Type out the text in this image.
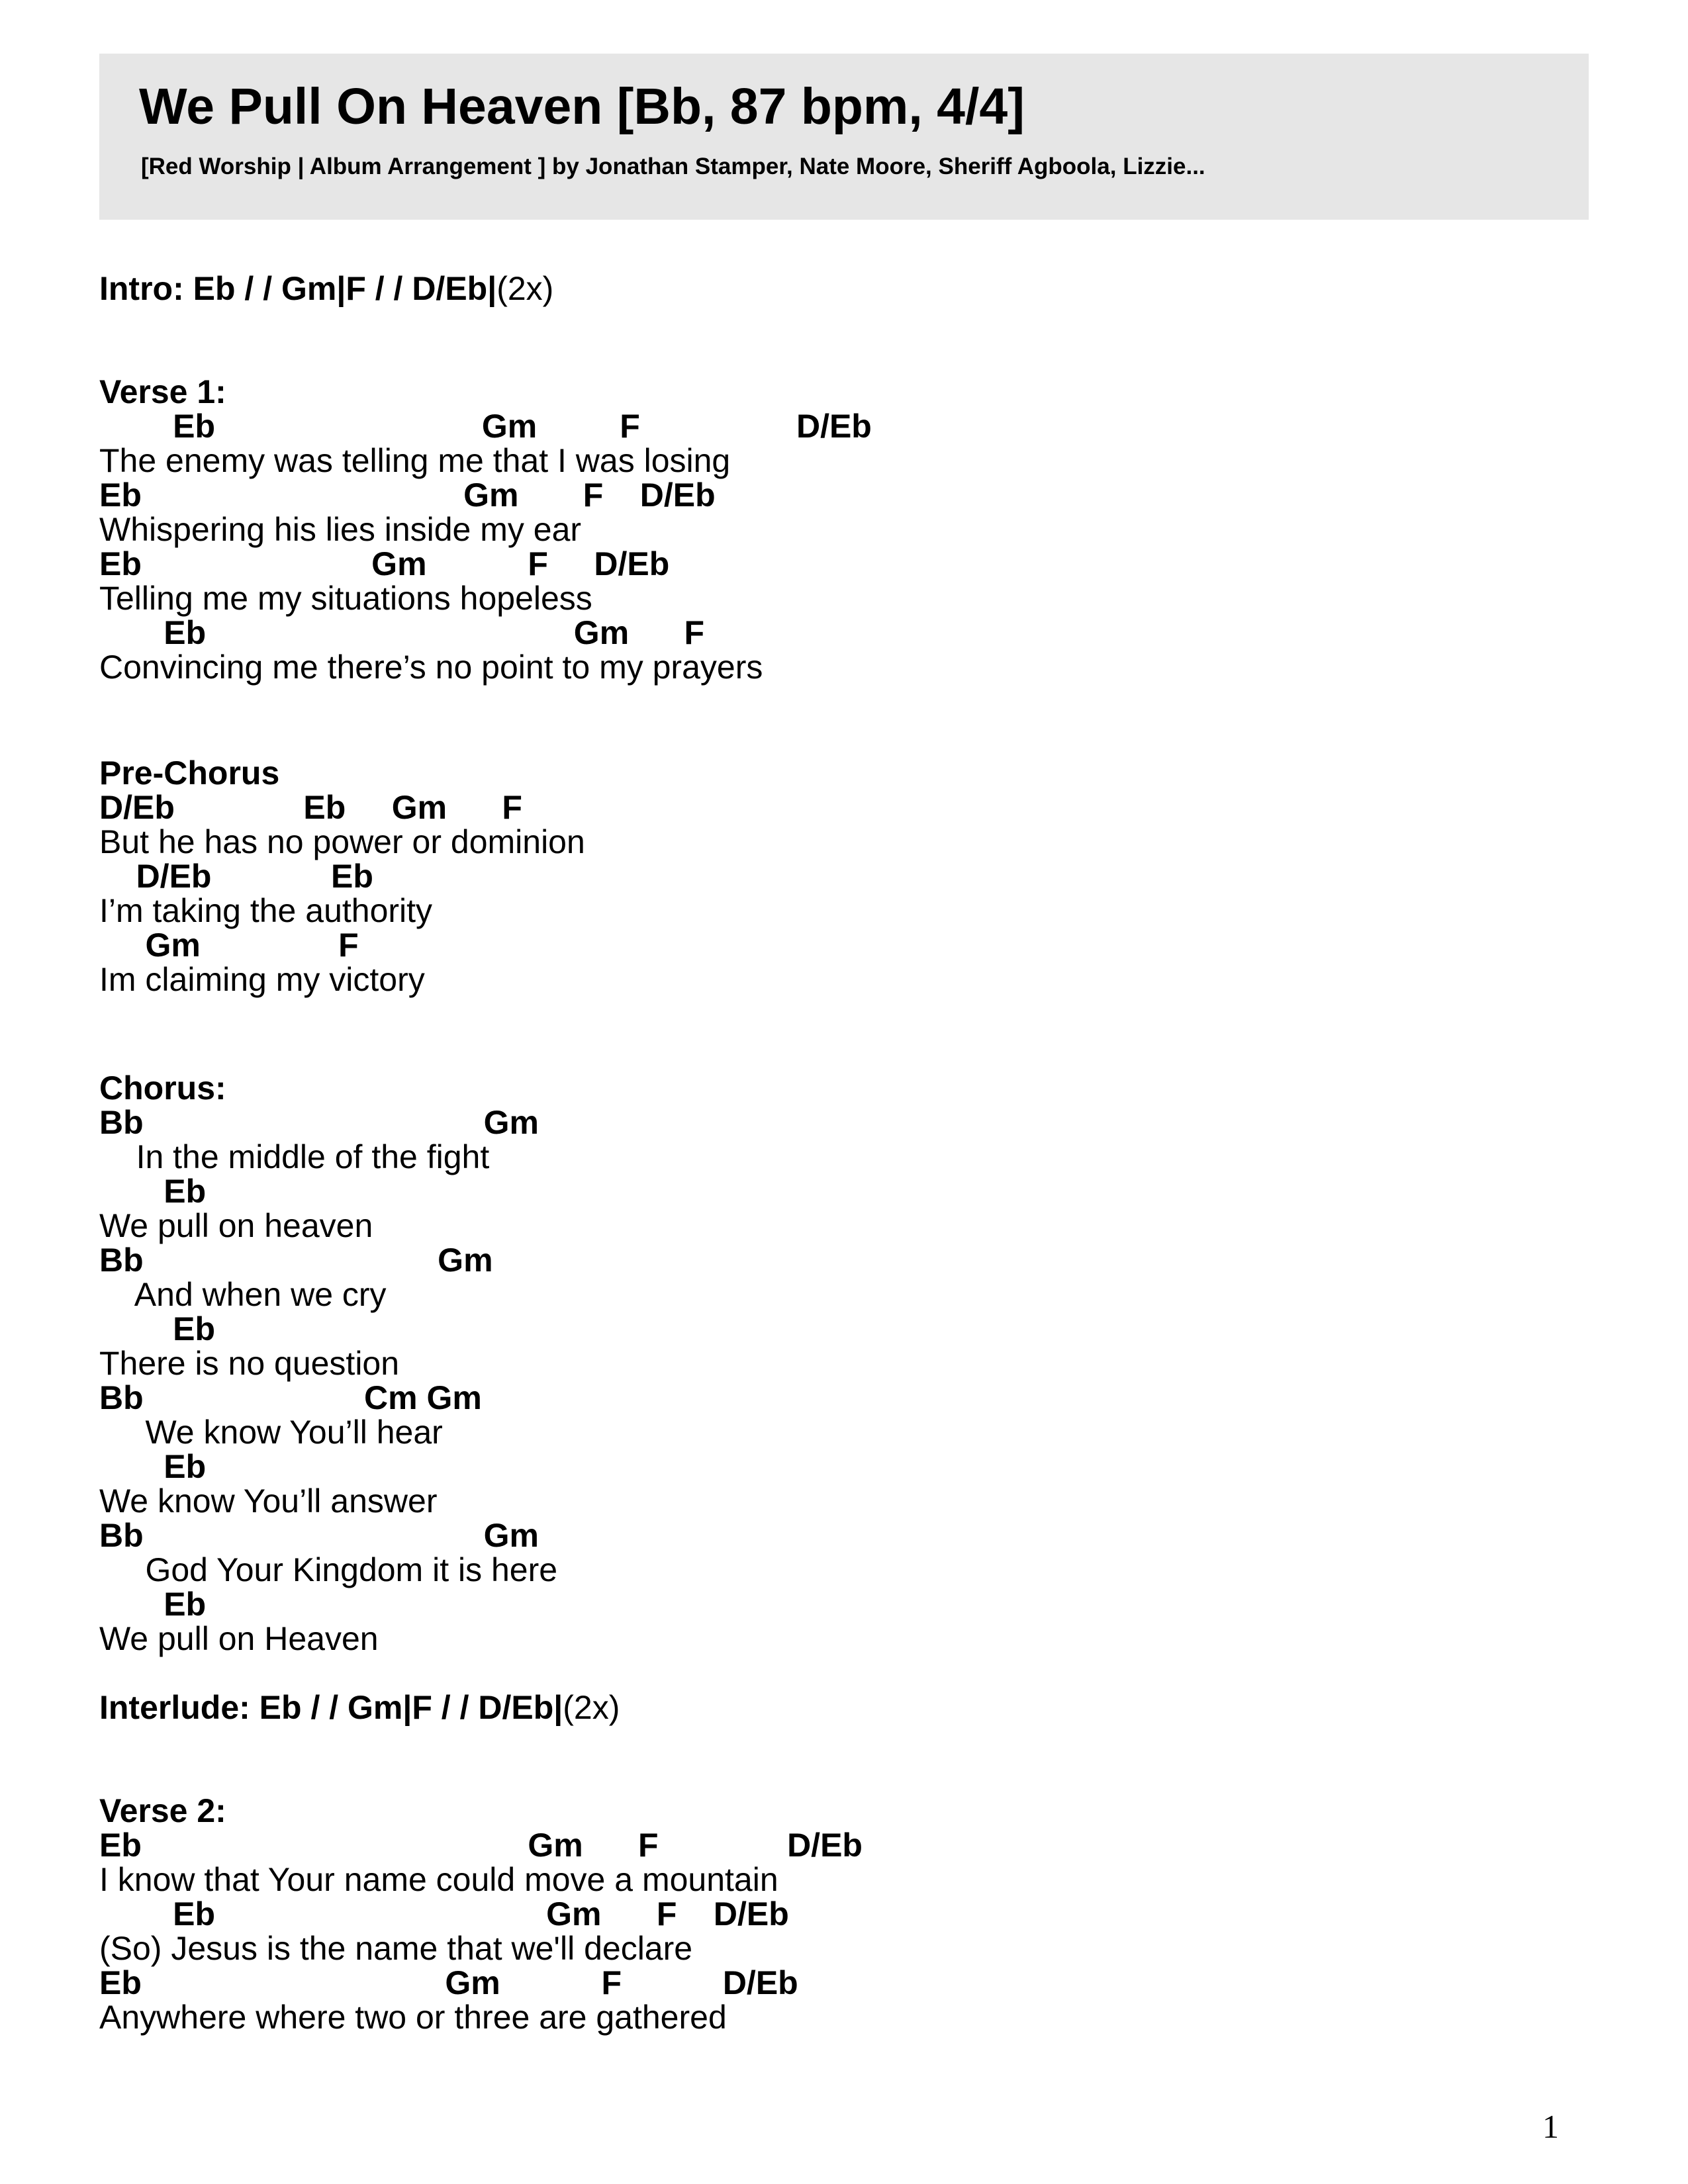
We Pull On Heaven [Bb, 87 bpm, 4/4]
[Red Worship | Album Arrangement ] by Jonathan Stamper, Nate Moore, Sheriff Agboola, Lizzie...
Intro: Eb / / Gm|F / / D/Eb|(2x)
Verse 1:
Eb                             Gm         F                 D/Eb
The enemy was telling me that I was losing
Eb                                   Gm       F    D/Eb
Whispering his lies inside my ear
Eb                         Gm           F     D/Eb
Telling me my situations hopeless
Eb                                        Gm      F
Convincing me there’s no point to my prayers
Pre-Chorus
D/Eb              Eb     Gm      F
But he has no power or dominion
D/Eb             Eb
I’m taking the authority
Gm               F
Im claiming my victory
Chorus:
Bb                                     Gm
In the middle of the fight
Eb
We pull on heaven
Bb                                Gm
And when we cry
Eb
There is no question
Bb                        Cm Gm
We know You’ll hear
Eb
We know You’ll answer
Bb                                     Gm
God Your Kingdom it is here
Eb
We pull on Heaven
Interlude: Eb / / Gm|F / / D/Eb|(2x)
Verse 2:
Eb                                          Gm      F              D/Eb
I know that Your name could move a mountain
Eb                                    Gm      F    D/Eb
(So) Jesus is the name that we'll declare
Eb                                 Gm           F           D/Eb
Anywhere where two or three are gathered
1
